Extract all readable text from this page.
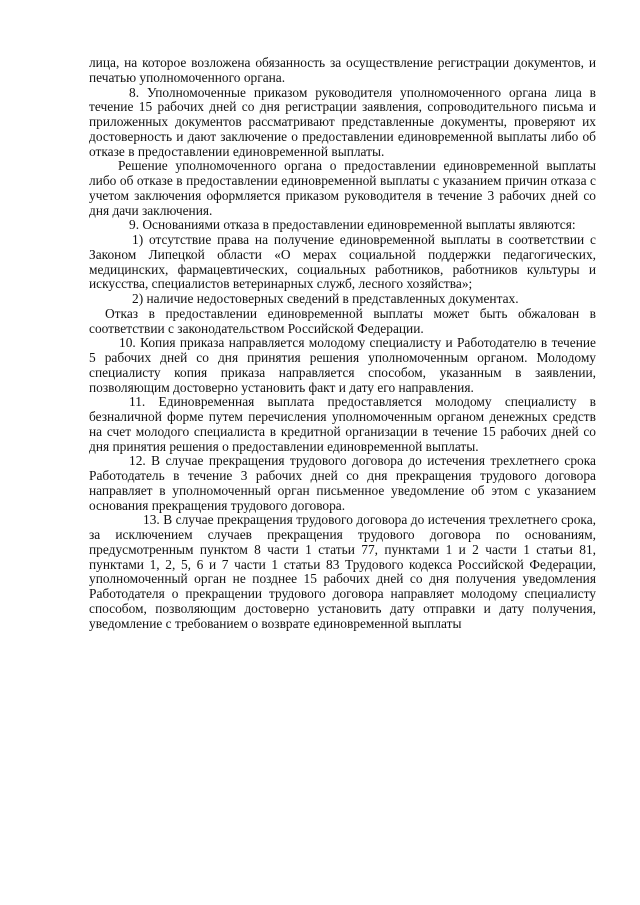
лица, на которое возложена обязанность за осуществление регистрации документов, и печатью уполномоченного органа.

8. Уполномоченные приказом руководителя уполномоченного органа лица в течение 15 рабочих дней со дня регистрации заявления, сопроводительного письма и приложенных документов рассматривают представленные документы, проверяют их достоверность и дают заключение о предоставлении единовременной выплаты либо об отказе в предоставлении единовременной выплаты.

Решение уполномоченного органа о предоставлении единовременной выплаты либо об отказе в предоставлении единовременной выплаты с указанием причин отказа с учетом заключения оформляется приказом руководителя в течение 3 рабочих дней со дня дачи заключения.

9. Основаниями отказа в предоставлении единовременной выплаты являются:

1) отсутствие права на получение единовременной выплаты в соответствии с Законом Липецкой области «О мерах социальной поддержки педагогических, медицинских, фармацевтических, социальных работников, работников культуры и искусства, специалистов ветеринарных служб, лесного хозяйства»;

2) наличие недостоверных сведений в представленных документах.

Отказ в предоставлении единовременной выплаты может быть обжалован в соответствии с законодательством Российской Федерации.

10. Копия приказа направляется молодому специалисту и Работодателю в течение 5 рабочих дней со дня принятия решения уполномоченным органом. Молодому специалисту копия приказа направляется способом, указанным в заявлении, позволяющим достоверно установить факт и дату его направления.

11. Единовременная выплата предоставляется молодому специалисту в безналичной форме путем перечисления уполномоченным органом денежных средств на счет молодого специалиста в кредитной организации в течение 15 рабочих дней со дня принятия решения о предоставлении единовременной выплаты.

12. В случае прекращения трудового договора до истечения трехлетнего срока Работодатель в течение 3 рабочих дней со дня прекращения трудового договора направляет в уполномоченный орган письменное уведомление об этом с указанием основания прекращения трудового договора.

13. В случае прекращения трудового договора до истечения трехлетнего срока, за исключением случаев прекращения трудового договора по основаниям, предусмотренным пунктом 8 части 1 статьи 77, пунктами 1 и 2 части 1 статьи 81, пунктами 1, 2, 5, 6 и 7 части 1 статьи 83 Трудового кодекса Российской Федерации, уполномоченный орган не позднее 15 рабочих дней со дня получения уведомления Работодателя о прекращении трудового договора направляет молодому специалисту способом, позволяющим достоверно установить дату отправки и дату получения, уведомление с требованием о возврате единовременной выплаты
